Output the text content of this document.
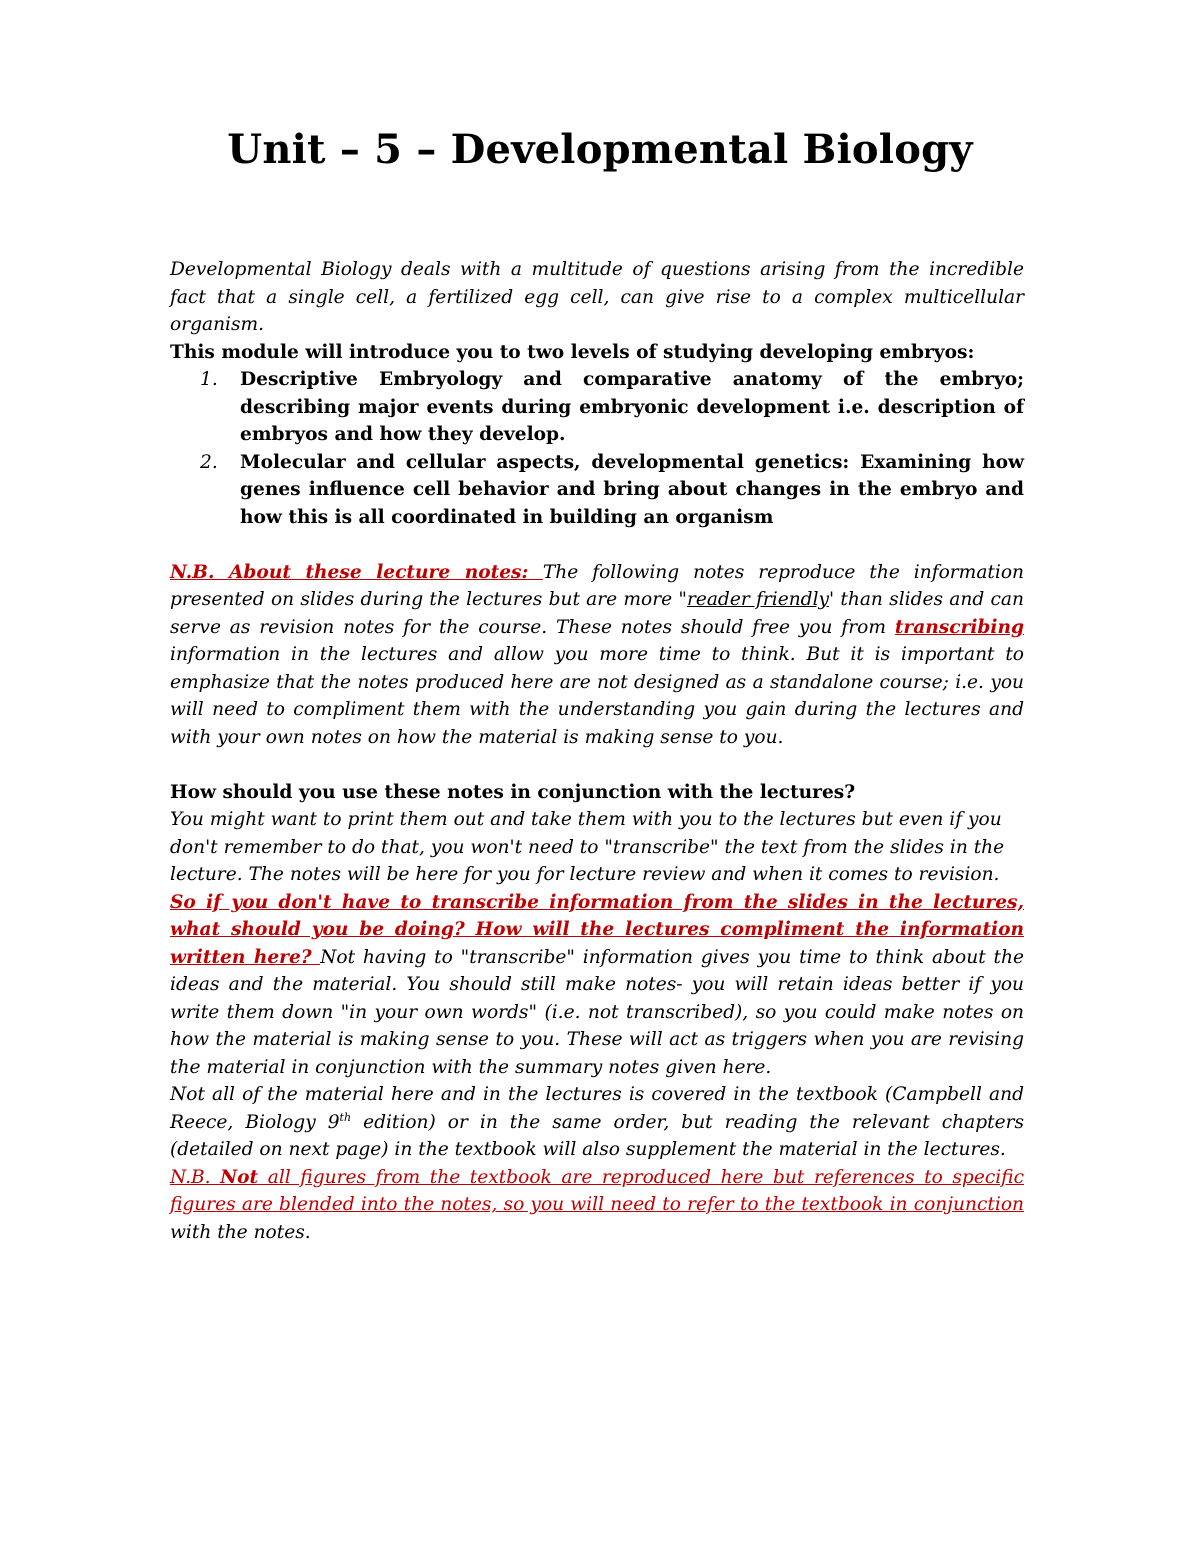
Unit – 5 – Developmental Biology

Developmental Biology deals with a multitude of questions arising from the incredible fact that a single cell, a fertilized egg cell, can give rise to a complex multicellular organism.

This module will introduce you to two levels of studying developing embryos:

1. Descriptive Embryology and comparative anatomy of the embryo; describing major events during embryonic development i.e. description of embryos and how they develop.
2. Molecular and cellular aspects, developmental genetics: Examining how genes influence cell behavior and bring about changes in the embryo and how this is all coordinated in building an organism

N.B. About these lecture notes: The following notes reproduce the information presented on slides during the lectures but are more "reader friendly' than slides and can serve as revision notes for the course. These notes should free you from transcribing information in the lectures and allow you more time to think. But it is important to emphasize that the notes produced here are not designed as a standalone course; i.e. you will need to compliment them with the understanding you gain during the lectures and with your own notes on how the material is making sense to you.

How should you use these notes in conjunction with the lectures?

You might want to print them out and take them with you to the lectures but even if you don't remember to do that, you won't need to "transcribe" the text from the slides in the lecture. The notes will be here for you for lecture review and when it comes to revision.

So if you don't have to transcribe information from the slides in the lectures, what should you be doing? How will the lectures compliment the information written here? Not having to "transcribe" information gives you time to think about the ideas and the material. You should still make notes- you will retain ideas better if you write them down "in your own words" (i.e. not transcribed), so you could make notes on how the material is making sense to you. These will act as triggers when you are revising the material in conjunction with the summary notes given here.

Not all of the material here and in the lectures is covered in the textbook (Campbell and Reece, Biology 9th edition) or in the same order, but reading the relevant chapters (detailed on next page) in the textbook will also supplement the material in the lectures.

N.B. Not all figures from the textbook are reproduced here but references to specific figures are blended into the notes, so you will need to refer to the textbook in conjunction with the notes.
